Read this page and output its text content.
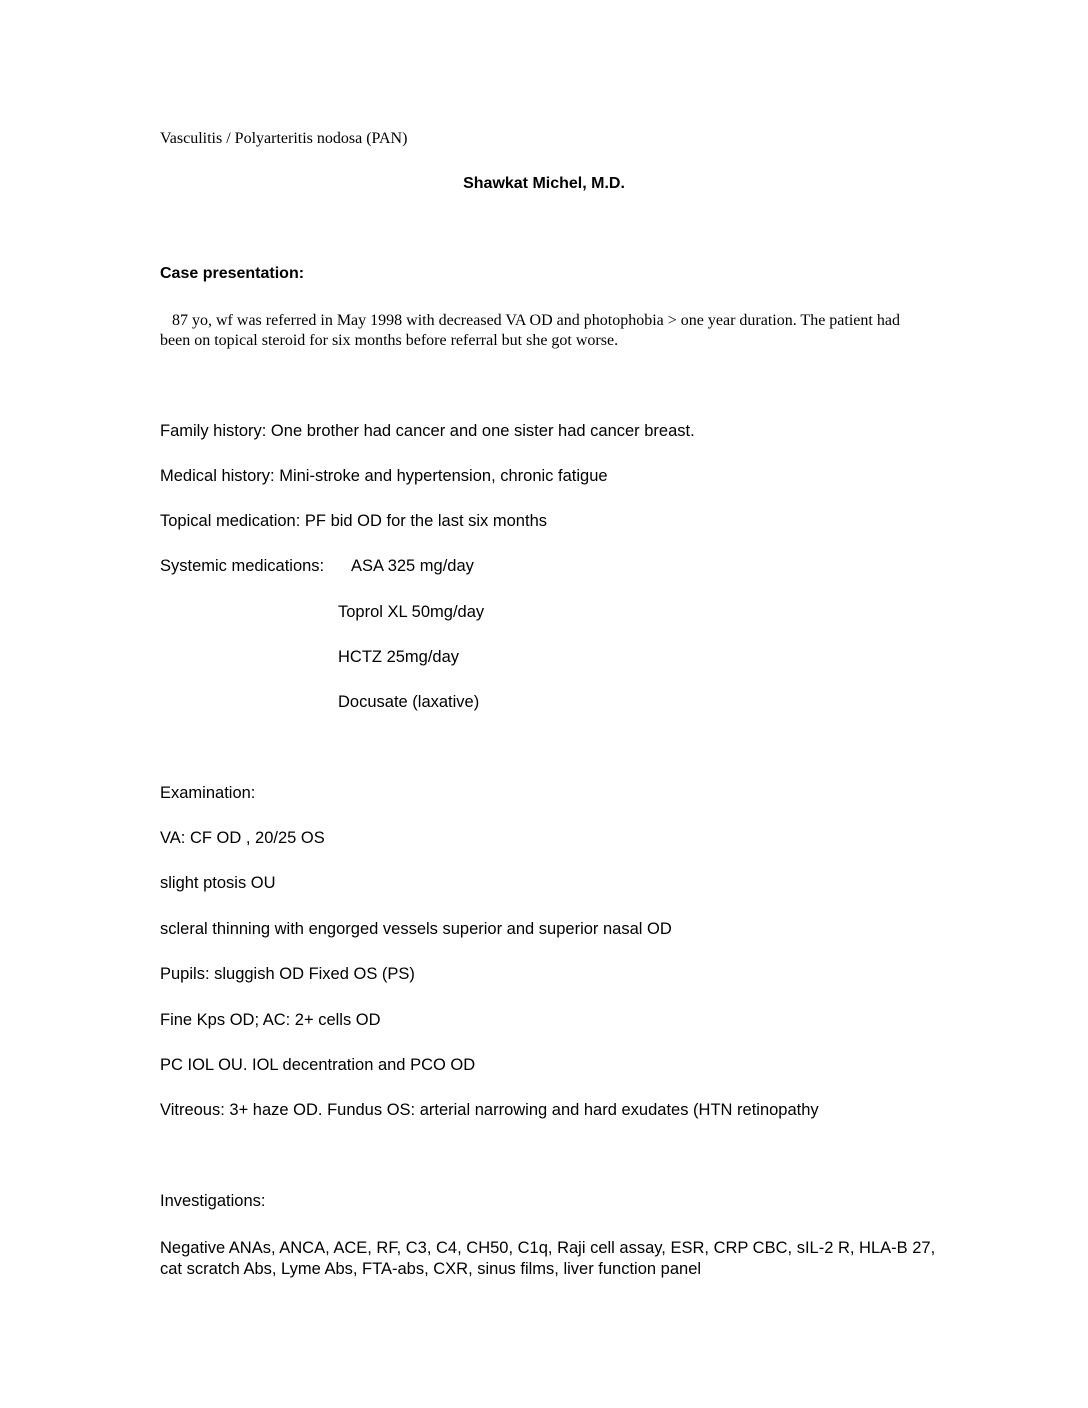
Vasculitis / Polyarteritis nodosa (PAN)
Shawkat Michel, M.D.
Case presentation:
87 yo, wf was referred in May 1998 with decreased VA OD and photophobia > one year duration. The patient had been on topical steroid for six months before referral but she got worse.
Family history: One brother had cancer and one sister had cancer breast.
Medical history: Mini-stroke and hypertension, chronic fatigue
Topical medication: PF bid OD for the last six months
Systemic medications: ASA 325 mg/day
Toprol XL 50mg/day
HCTZ 25mg/day
Docusate (laxative)
Examination:
VA: CF OD , 20/25 OS
slight ptosis OU
scleral thinning with engorged vessels superior and superior nasal OD
Pupils: sluggish OD Fixed OS (PS)
Fine Kps OD; AC: 2+ cells OD
PC IOL OU. IOL decentration and PCO OD
Vitreous: 3+ haze OD. Fundus OS: arterial narrowing and hard exudates (HTN retinopathy
Investigations:
Negative ANAs, ANCA, ACE, RF, C3, C4, CH50, C1q, Raji cell assay, ESR, CRP CBC, sIL-2 R, HLA-B 27, cat scratch Abs, Lyme Abs, FTA-abs, CXR, sinus films, liver function panel
